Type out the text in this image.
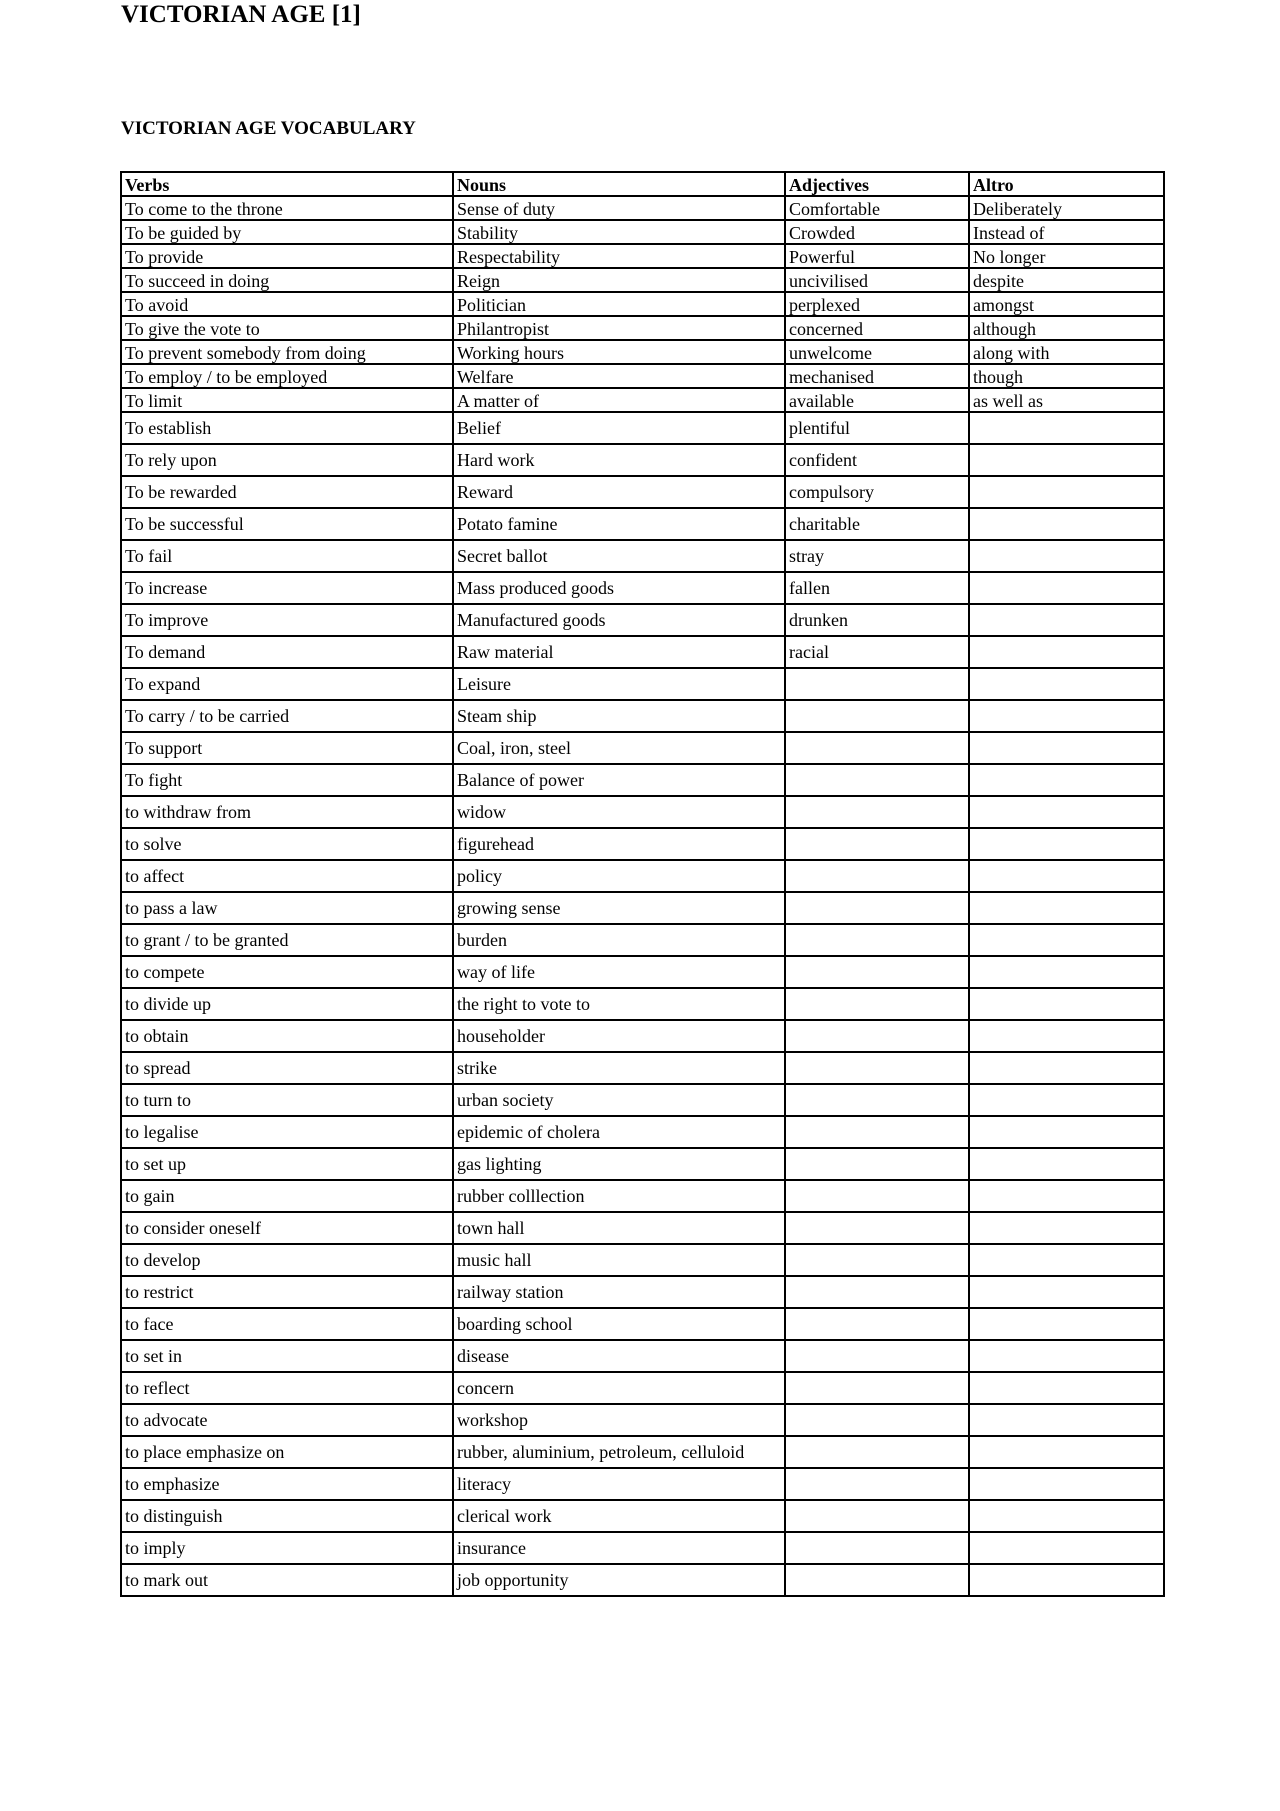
VICTORIAN AGE [1]
VICTORIAN AGE VOCABULARY
Verbs	Nouns	Adjectives	Altro
To come to the throne	Sense of duty	Comfortable	Deliberately
To be guided by	Stability	Crowded	Instead of
To provide	Respectability	Powerful	No longer
To succeed in doing	Reign	uncivilised	despite
To avoid	Politician	perplexed	amongst
To give the vote to	Philantropist	concerned	although
To prevent somebody from doing	Working hours	unwelcome	along with
To employ / to be employed	Welfare	mechanised	though
To limit	A matter of	available	as well as
To establish	Belief	plentiful	
To rely upon	Hard work	confident	
To be rewarded	Reward	compulsory	
To be successful	Potato famine	charitable	
To fail	Secret ballot	stray	
To increase	Mass produced goods	fallen	
To improve	Manufactured goods	drunken	
To demand	Raw material	racial	
To expand	Leisure		
To carry / to be carried	Steam ship		
To support	Coal, iron, steel		
To fight	Balance of power		
to withdraw from	widow		
to solve	figurehead		
to affect	policy		
to pass a law	growing sense		
to grant / to be granted	burden		
to compete	way of life		
to divide up	the right to vote to		
to obtain	householder		
to spread	strike		
to turn to	urban society		
to legalise	epidemic of cholera		
to set up	gas lighting		
to gain	rubber colllection		
to consider oneself	town hall		
to develop	music hall		
to restrict	railway station		
to face	boarding school		
to set in	disease		
to reflect	concern		
to advocate	workshop		
to place emphasize on	rubber, aluminium, petroleum, celluloid		
to emphasize	literacy		
to distinguish	clerical work		
to imply	insurance		
to mark out	job opportunity		
